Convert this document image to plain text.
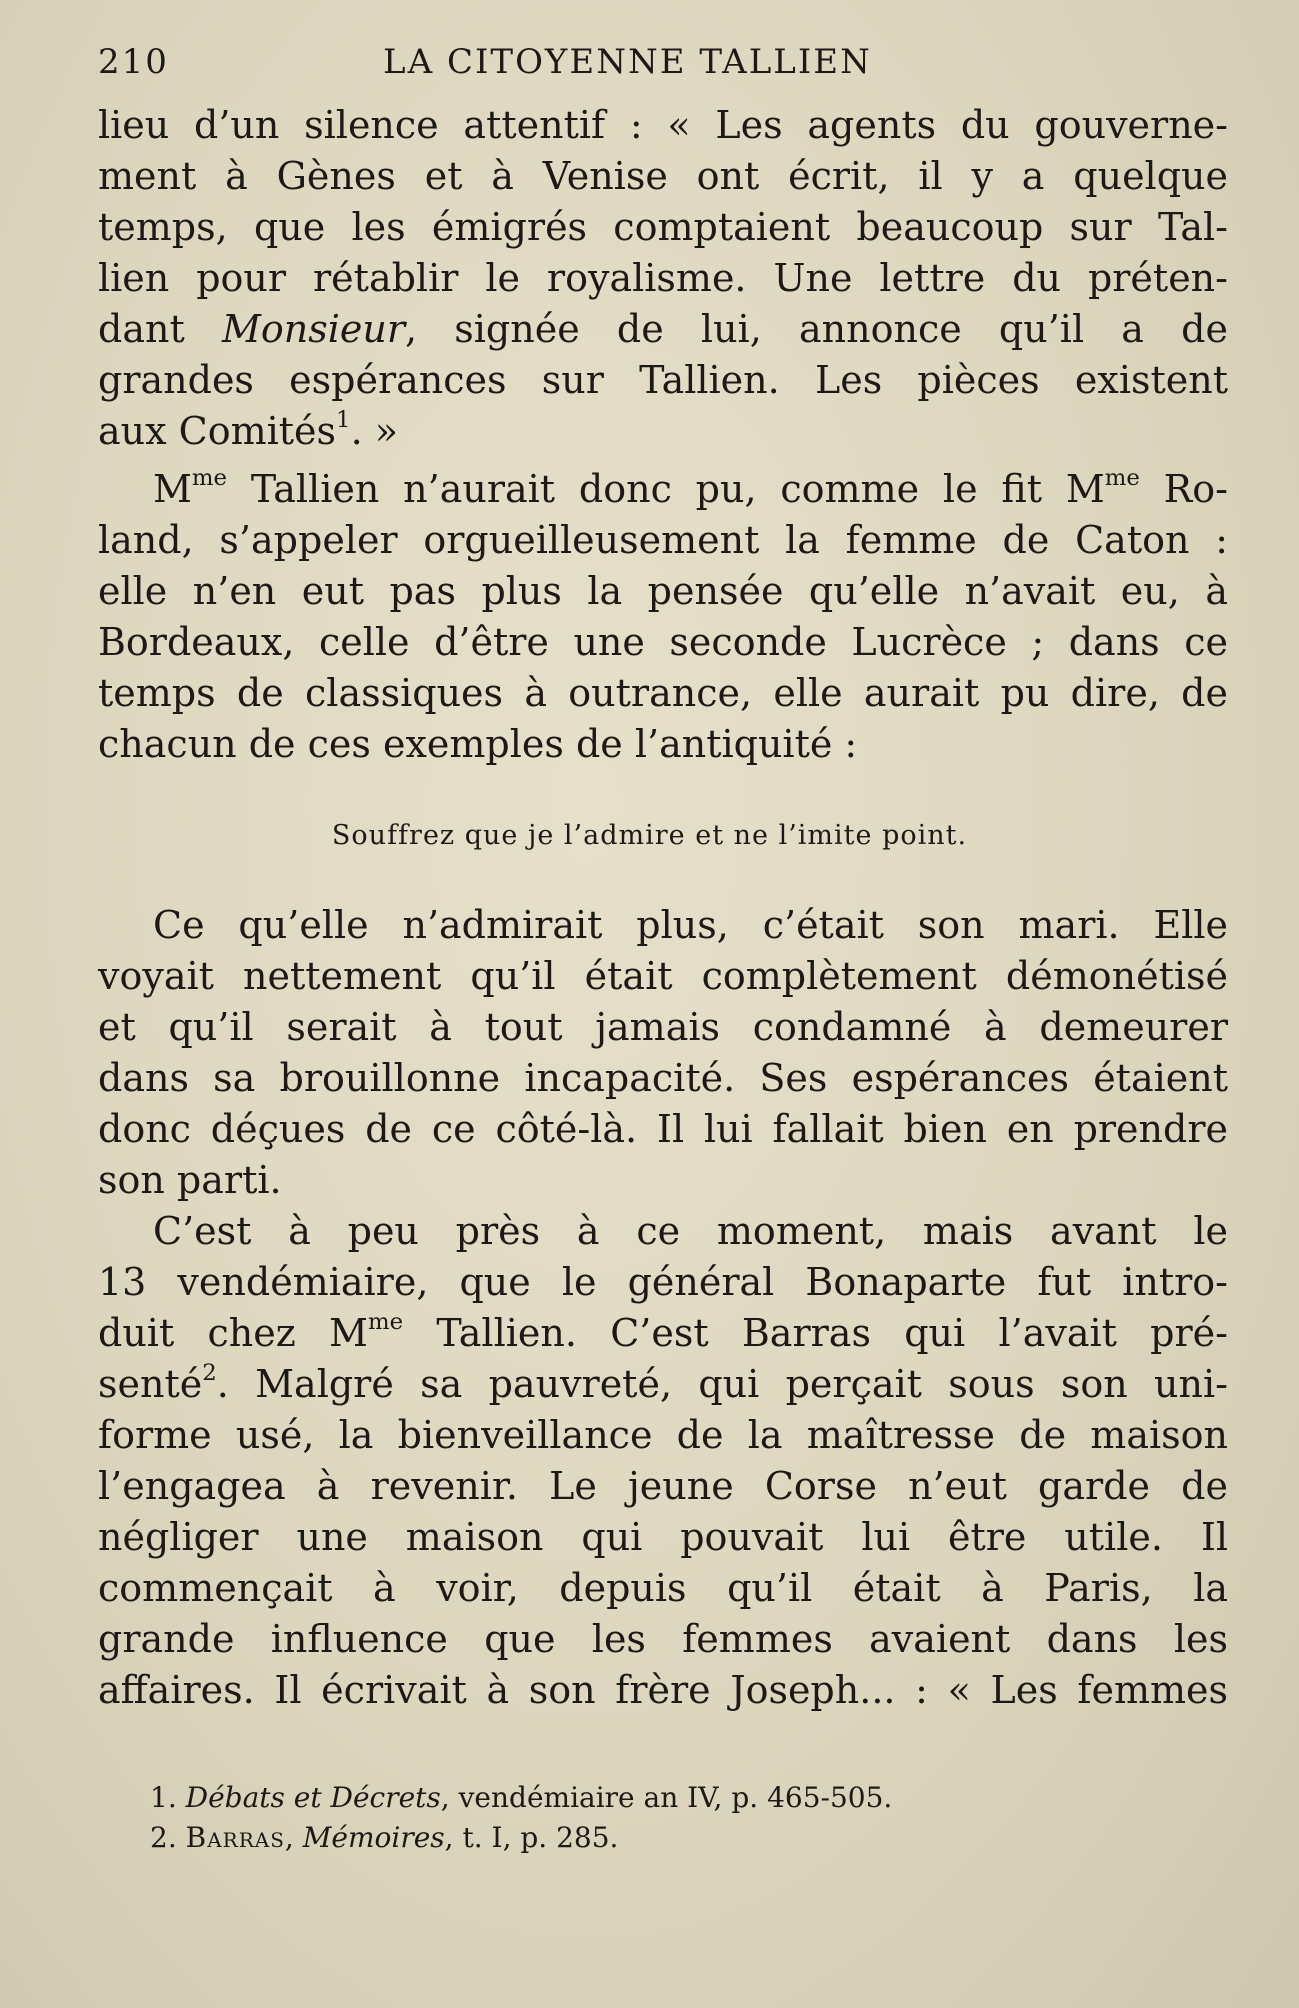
210	LA CITOYENNE TALLIEN
lieu d’un silence attentif : « Les agents du gouverne-
ment à Gènes et à Venise ont écrit, il y a quelque
temps, que les émigrés comptaient beaucoup sur Tal-
lien pour rétablir le royalisme. Une lettre du préten-
dant Monsieur, signée de lui, annonce qu’il a de
grandes espérances sur Tallien. Les pièces existent
aux Comités$^1$. »
$M^{me}$ Tallien n’aurait donc pu, comme le fit $M^{me}$ Ro-
land, s’appeler orgueilleusement la femme de Caton :
elle n’en eut pas plus la pensée qu’elle n’avait eu, à
Bordeaux, celle d’être une seconde Lucrèce ; dans ce
temps de classiques à outrance, elle aurait pu dire, de
chacun de ces exemples de l’antiquité :
Souffrez que je l’admire et ne l’imite point.
Ce qu’elle n’admirait plus, c’était son mari. Elle
voyait nettement qu’il était complètement démonétisé
et qu’il serait à tout jamais condamné à demeurer
dans sa brouillonne incapacité. Ses espérances étaient
donc déçues de ce côté-là. Il lui fallait bien en prendre
son parti.
C’est à peu près à ce moment, mais avant le
13 vendémiaire, que le général Bonaparte fut intro-
duit chez $M^{me}$ Tallien. C’est Barras qui l’avait pré-
senté$^2$. Malgré sa pauvreté, qui perçait sous son uni-
forme usé, la bienveillance de la maîtresse de maison
l’engagea à revenir. Le jeune Corse n’eut garde de
négliger une maison qui pouvait lui être utile. Il
commençait à voir, depuis qu’il était à Paris, la
grande influence que les femmes avaient dans les
affaires. Il écrivait à son frère Joseph... : « Les femmes
1. Débats et Décrets, vendémiaire an IV, p. 465-505.
2. Barras, Mémoires, t. I, p. 285.
